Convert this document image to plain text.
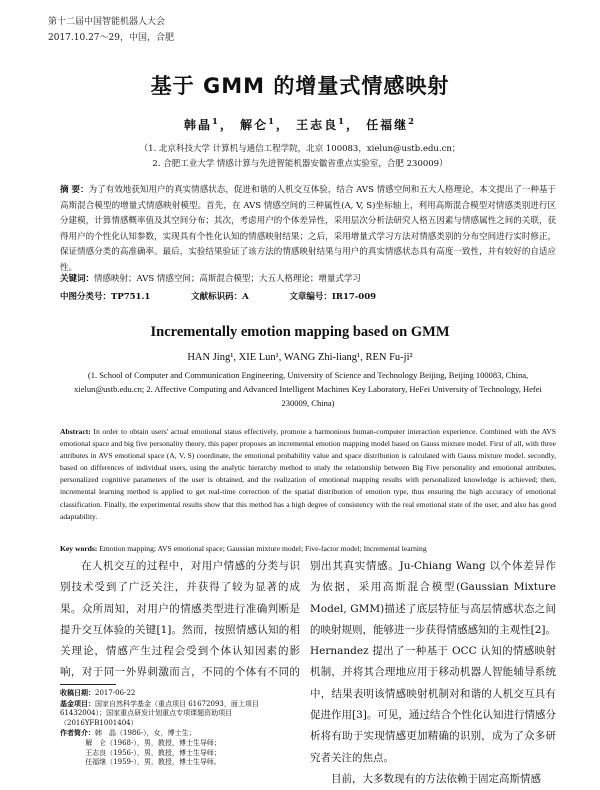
第十二届中国智能机器人大会
2017.10.27～29，中国，合肥
基于 GMM 的增量式情感映射
韩晶$^1$， 解仑$^1$， 王志良$^1$， 任福继$^2$
（1. 北京科技大学 计算机与通信工程学院，北京 100083，xielun@ustb.edu.cn；
2. 合肥工业大学 情感计算与先进智能机器安徽省重点实验室，合肥 230009）
摘 要：为了有效地获知用户的真实情感状态，促进和谐的人机交互体验，结合 AVS 情感空间和五大人格理论，本文提出了一种基于高斯混合模型的增量式情感映射模型。首先，在 AVS 情感空间的三种属性(A, V, S)坐标轴上，利用高斯混合模型对情感类别进行区分建模，计算情感概率值及其空间分布；其次，考虑用户的个体差异性，采用层次分析法研究人格五因素与情感属性之间的关联，获得用户的个性化认知参数，实现具有个性化认知的情感映射结果；之后，采用增量式学习方法对情感类别的分布空间进行实时修正，保证情感分类的高准确率。最后，实验结果验证了该方法的情感映射结果与用户的真实情感状态具有高度一致性，并有较好的自适应性。
关键词：情感映射；AVS 情感空间；高斯混合模型；大五人格理论；增量式学习
中图分类号：TP751.1	文献标识码：A	文章编号：IR17-009
Incrementally emotion mapping based on GMM
HAN Jing¹, XIE Lun¹, WANG Zhi-liang¹, REN Fu-ji²
(1. School of Computer and Communication Engineering, University of Science and Technology Beijing, Beijing 100083, China, xielun@ustb.edu.cn; 2. Affective Computing and Advanced Intelligent Machines Key Laboratory, HeFei University of Technology, Hefei 230009, China)
Abstract: In order to obtain users' actual emotional status effectively, promote a harmonious human-computer interaction experience. Combined with the AVS emotional space and big five personality theory, this paper proposes an incremental emotion mapping model based on Gauss mixture model. First of all, with three attributes in AVS emotional space (A, V, S) coordinate, the emotional probability value and space distribution is calculated with Gauss mixture model. secondly, based on differences of individual users, using the analytic hierarchy method to study the relationship between Big Five personality and emotional attributes, personalized cognitive parameters of the user is obtained, and the realization of emotional mapping results with personalized knowledge is achieved; then, incremental learning method is applied to get real-time correction of the spatial distribution of emotion type, thus ensuring the high accuracy of emotional classification. Finally, the experimental results show that this method has a high degree of consistency with the real emotional state of the user, and also has good adaptability.
Key words: Emotion mapping; AVS emotional space; Gaussian mixture model; Five-factor model; Incremental learning
在人机交互的过程中，对用户情感的分类与识别技术受到了广泛关注，并获得了较为显著的成果。众所周知，对用户的情感类型进行准确判断是提升交互体验的关键[1]。然而，按照情感认知的相关理论，情感产生过程会受到个体认知因素的影响，对于同一外界刺激而言，不同的个体有不同的
别出其真实情感。Ju-Chiang Wang 以个体差异作为依据，采用高斯混合模型(Gaussian Mixture Model, GMM)描述了底层特征与高层情感状态之间的映射规则，能够进一步获得情感感知的主观性[2]。Hernandez 提出了一种基于 OCC 认知的情感映射机制，并将其合理地应用于移动机器人智能辅导系统中，结果表明该情感映射机制对和谐的人机交互具有促进作用[3]。可见，通过结合个性化认知进行情感分析将有助于实现情感更加精确的识别，成为了众多研究者关注的焦点。
目前，大多数现有的方法依赖于固定高斯情感
收稿日期：2017-06-22
基金项目：国家自然科学基金（重点项目 61672093，面上项目 61432004）；国家重点研发计划重点专项课题资助项目（2016YFB1001404）
作者简介：韩　晶（1986-），女，博士生；
解　仑（1968-），男，教授，博士生导师；
王志良（1956-），男，教授，博士生导师；
任福继（1959-），男，教授，博士生导师。
